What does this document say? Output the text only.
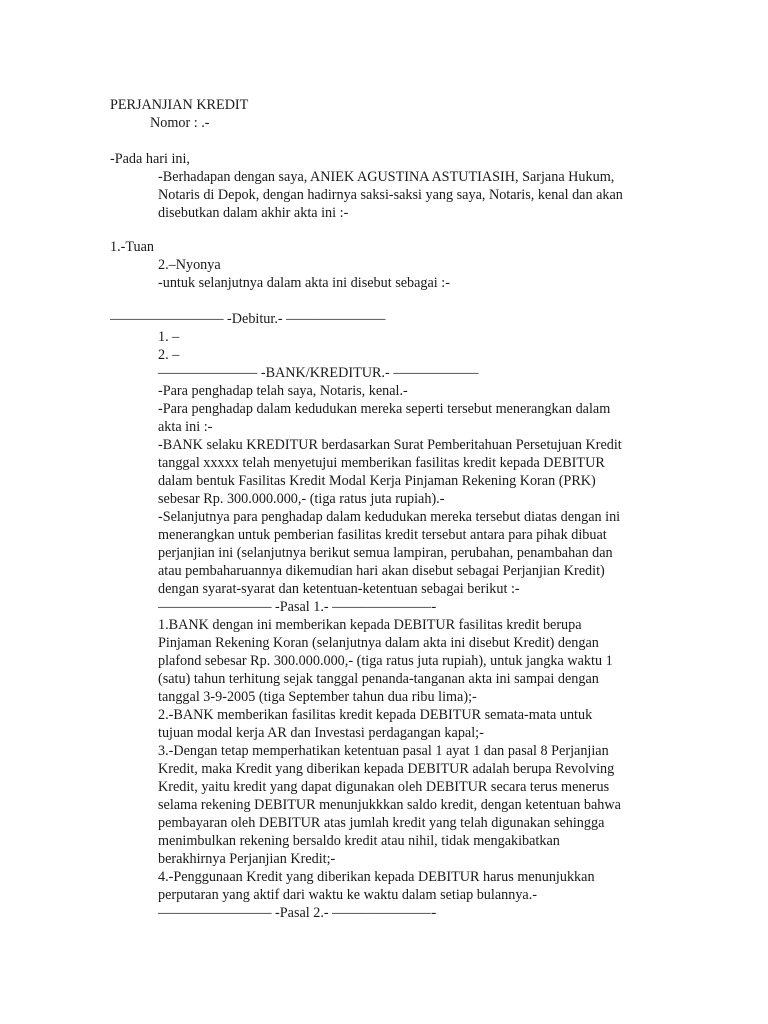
PERJANJIAN KREDIT
Nomor : .-
-Pada hari ini,
-Berhadapan dengan saya, ANIEK AGUSTINA ASTUTIASIH, Sarjana Hukum,
Notaris di Depok, dengan hadirnya saksi-saksi yang saya, Notaris, kenal dan akan
disebutkan dalam akhir akta ini :-
1.-Tuan
2.–Nyonya
-untuk selanjutnya dalam akta ini disebut sebagai :-
———————— -Debitur.- ———————
1. –
2. –
——————— -BANK/KREDITUR.- ——————
-Para penghadap telah saya, Notaris, kenal.-
-Para penghadap dalam kedudukan mereka seperti tersebut menerangkan dalam
akta ini :-
-BANK selaku KREDITUR berdasarkan Surat Pemberitahuan Persetujuan Kredit
tanggal xxxxx telah menyetujui memberikan fasilitas kredit kepada DEBITUR
dalam bentuk Fasilitas Kredit Modal Kerja Pinjaman Rekening Koran (PRK)
sebesar Rp. 300.000.000,- (tiga ratus juta rupiah).-
-Selanjutnya para penghadap dalam kedudukan mereka tersebut diatas dengan ini
menerangkan untuk pemberian fasilitas kredit tersebut antara para pihak dibuat
perjanjian ini (selanjutnya berikut semua lampiran, perubahan, penambahan dan
atau pembaharuannya dikemudian hari akan disebut sebagai Perjanjian Kredit)
dengan syarat-syarat dan ketentuan-ketentuan sebagai berikut :-
———————— -Pasal 1.- ———————-
1.BANK dengan ini memberikan kepada DEBITUR fasilitas kredit berupa
Pinjaman Rekening Koran (selanjutnya dalam akta ini disebut Kredit) dengan
plafond sebesar Rp. 300.000.000,- (tiga ratus juta rupiah), untuk jangka waktu 1
(satu) tahun terhitung sejak tanggal penanda-tanganan akta ini sampai dengan
tanggal 3-9-2005 (tiga September tahun dua ribu lima);-
2.-BANK memberikan fasilitas kredit kepada DEBITUR semata-mata untuk
tujuan modal kerja AR dan Investasi perdagangan kapal;-
3.-Dengan tetap memperhatikan ketentuan pasal 1 ayat 1 dan pasal 8 Perjanjian
Kredit, maka Kredit yang diberikan kepada DEBITUR adalah berupa Revolving
Kredit, yaitu kredit yang dapat digunakan oleh DEBITUR secara terus menerus
selama rekening DEBITUR menunjukkkan saldo kredit, dengan ketentuan bahwa
pembayaran oleh DEBITUR atas jumlah kredit yang telah digunakan sehingga
menimbulkan rekening bersaldo kredit atau nihil, tidak mengakibatkan
berakhirnya Perjanjian Kredit;-
4.-Penggunaan Kredit yang diberikan kepada DEBITUR harus menunjukkan
perputaran yang aktif dari waktu ke waktu dalam setiap bulannya.-
———————— -Pasal 2.- ———————-
